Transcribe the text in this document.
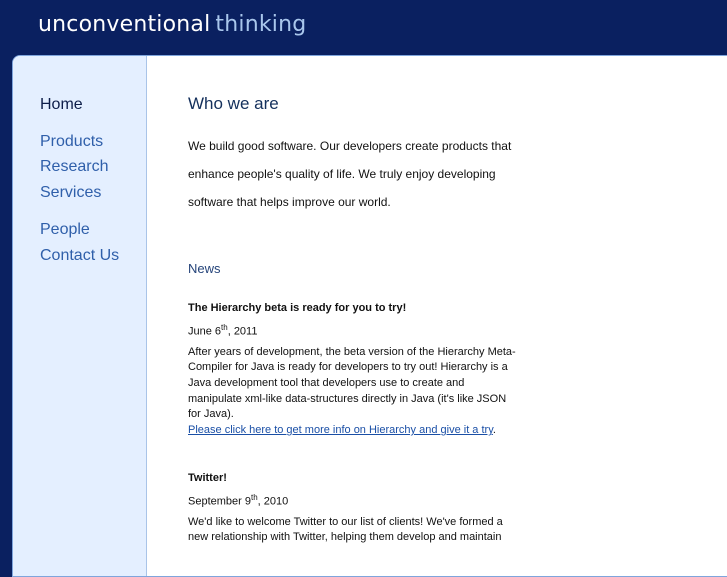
unconventional thinking
Home
Products
Research
Services
People
Contact Us
Who we are
We build good software. Our developers create products that enhance people's quality of life. We truly enjoy developing software that helps improve our world.
News
The Hierarchy beta is ready for you to try!
June 6th, 2011
After years of development, the beta version of the Hierarchy Meta-Compiler for Java is ready for developers to try out! Hierarchy is a Java development tool that developers use to create and manipulate xml-like data-structures directly in Java (it's like JSON for Java).
Please click here to get more info on Hierarchy and give it a try.
Twitter!
September 9th, 2010
We'd like to welcome Twitter to our list of clients! We've formed a new relationship with Twitter, helping them develop and maintain
